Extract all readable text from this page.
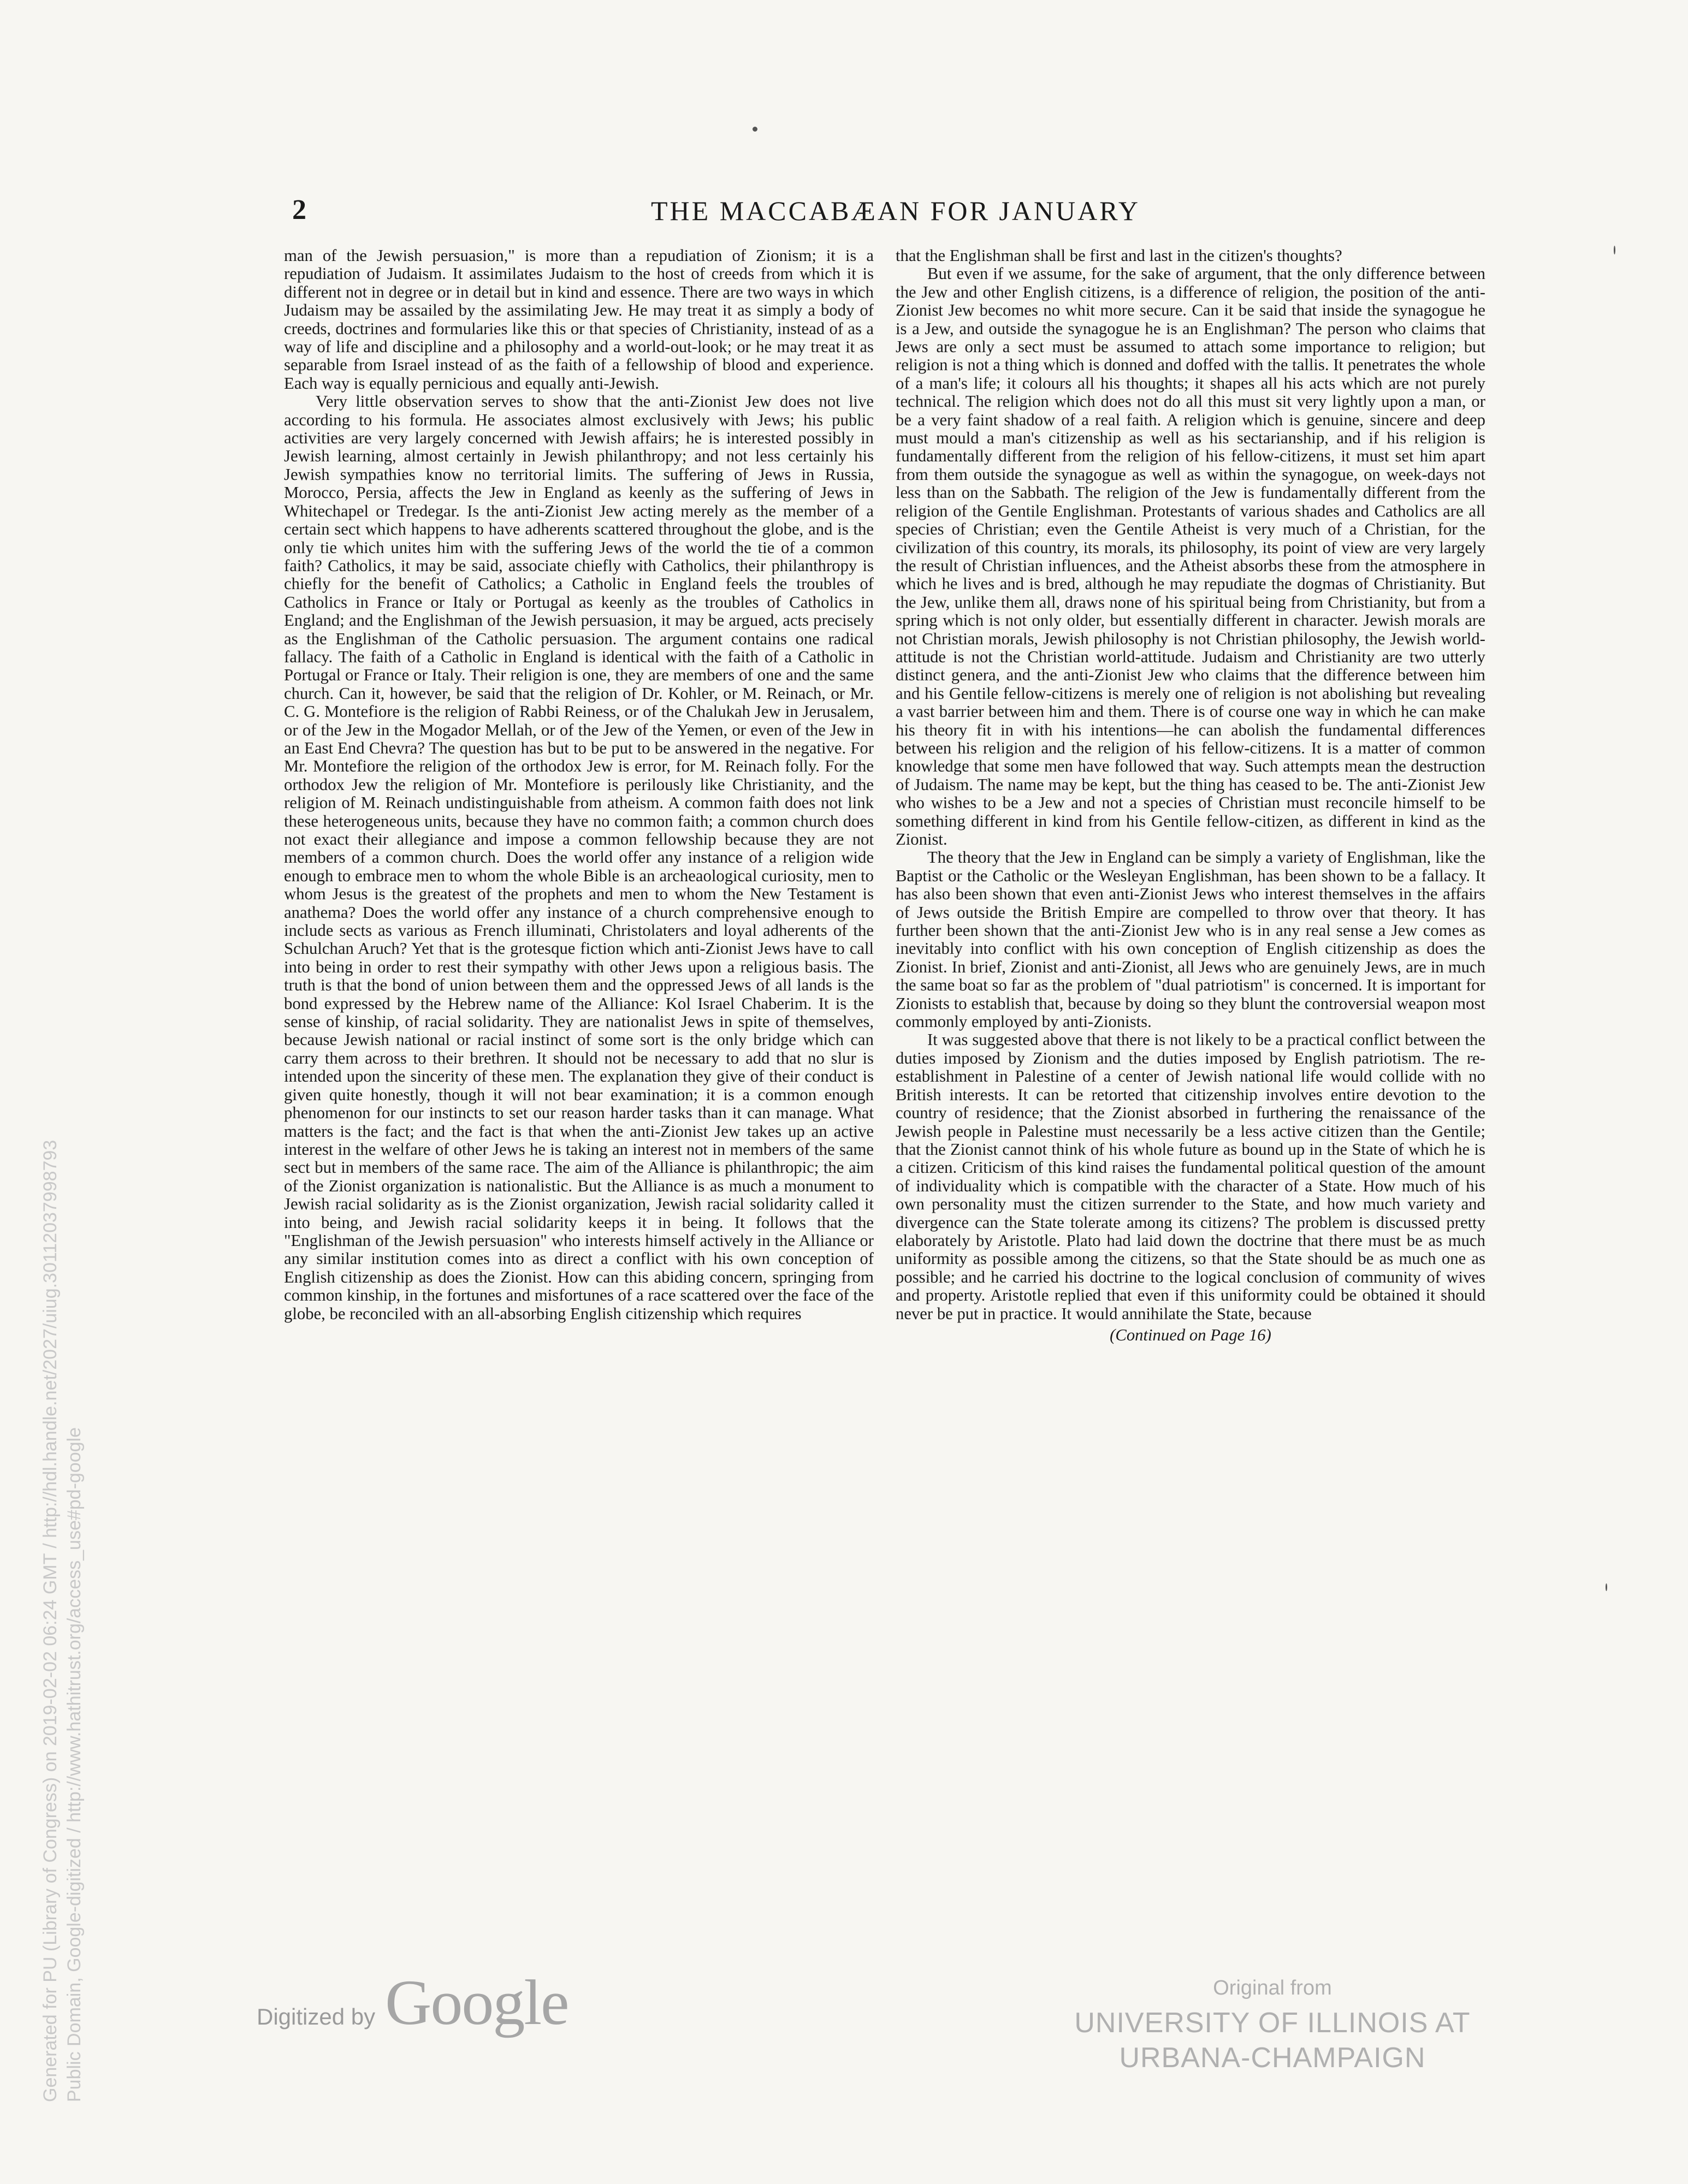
2	THE MACCABÆAN FOR JANUARY

man of the Jewish persuasion," is more than a repudiation of Zionism; it is a repudiation of Judaism. It assimilates Judaism to the host of creeds from which it is different not in degree or in detail but in kind and essence. There are two ways in which Judaism may be assailed by the assimilating Jew. He may treat it as simply a body of creeds, doctrines and formularies like this or that species of Christianity, instead of as a way of life and discipline and a philosophy and a world-out-look; or he may treat it as separable from Israel instead of as the faith of a fellowship of blood and experience. Each way is equally pernicious and equally anti-Jewish.

Very little observation serves to show that the anti-Zionist Jew does not live according to his formula. He associates almost exclusively with Jews; his public activities are very largely concerned with Jewish affairs; he is interested possibly in Jewish learning, almost certainly in Jewish philanthropy; and not less certainly his Jewish sympathies know no territorial limits. The suffering of Jews in Russia, Morocco, Persia, affects the Jew in England as keenly as the suffering of Jews in Whitechapel or Tredegar. Is the anti-Zionist Jew acting merely as the member of a certain sect which happens to have adherents scattered throughout the globe, and is the only tie which unites him with the suffering Jews of the world the tie of a common faith? Catholics, it may be said, associate chiefly with Catholics, their philanthropy is chiefly for the benefit of Catholics; a Catholic in England feels the troubles of Catholics in France or Italy or Portugal as keenly as the troubles of Catholics in England; and the Englishman of the Jewish persuasion, it may be argued, acts precisely as the Englishman of the Catholic persuasion. The argument contains one radical fallacy. The faith of a Catholic in England is identical with the faith of a Catholic in Portugal or France or Italy. Their religion is one, they are members of one and the same church. Can it, however, be said that the religion of Dr. Kohler, or M. Reinach, or Mr. C. G. Montefiore is the religion of Rabbi Reiness, or of the Chalukah Jew in Jerusalem, or of the Jew in the Mogador Mellah, or of the Jew of the Yemen, or even of the Jew in an East End Chevra? The question has but to be put to be answered in the negative. For Mr. Montefiore the religion of the orthodox Jew is error, for M. Reinach folly. For the orthodox Jew the religion of Mr. Montefiore is perilously like Christianity, and the religion of M. Reinach undistinguishable from atheism. A common faith does not link these heterogeneous units, because they have no common faith; a common church does not exact their allegiance and impose a common fellowship because they are not members of a common church. Does the world offer any instance of a religion wide enough to embrace men to whom the whole Bible is an archeaological curiosity, men to whom Jesus is the greatest of the prophets and men to whom the New Testament is anathema? Does the world offer any instance of a church comprehensive enough to include sects as various as French illuminati, Christolaters and loyal adherents of the Schulchan Aruch? Yet that is the grotesque fiction which anti-Zionist Jews have to call into being in order to rest their sympathy with other Jews upon a religious basis. The truth is that the bond of union between them and the oppressed Jews of all lands is the bond expressed by the Hebrew name of the Alliance: Kol Israel Chaberim. It is the sense of kinship, of racial solidarity. They are nationalist Jews in spite of themselves, because Jewish national or racial instinct of some sort is the only bridge which can carry them across to their brethren. It should not be necessary to add that no slur is intended upon the sincerity of these men. The explanation they give of their conduct is given quite honestly, though it will not bear examination; it is a common enough phenomenon for our instincts to set our reason harder tasks than it can manage. What matters is the fact; and the fact is that when the anti-Zionist Jew takes up an active interest in the welfare of other Jews he is taking an interest not in members of the same sect but in members of the same race. The aim of the Alliance is philanthropic; the aim of the Zionist organization is nationalistic. But the Alliance is as much a monument to Jewish racial solidarity as is the Zionist organization, Jewish racial solidarity called it into being, and Jewish racial solidarity keeps it in being. It follows that the "Englishman of the Jewish persuasion" who interests himself actively in the Alliance or any similar institution comes into as direct a conflict with his own conception of English citizenship as does the Zionist. How can this abiding concern, springing from common kinship, in the fortunes and misfortunes of a race scattered over the face of the globe, be reconciled with an all-absorbing English citizenship which requires

that the Englishman shall be first and last in the citizen's thoughts?

But even if we assume, for the sake of argument, that the only difference between the Jew and other English citizens, is a difference of religion, the position of the anti-Zionist Jew becomes no whit more secure. Can it be said that inside the synagogue he is a Jew, and outside the synagogue he is an Englishman? The person who claims that Jews are only a sect must be assumed to attach some importance to religion; but religion is not a thing which is donned and doffed with the tallis. It penetrates the whole of a man's life; it colours all his thoughts; it shapes all his acts which are not purely technical. The religion which does not do all this must sit very lightly upon a man, or be a very faint shadow of a real faith. A religion which is genuine, sincere and deep must mould a man's citizenship as well as his sectarianship, and if his religion is fundamentally different from the religion of his fellow-citizens, it must set him apart from them outside the synagogue as well as within the synagogue, on week-days not less than on the Sabbath. The religion of the Jew is fundamentally different from the religion of the Gentile Englishman. Protestants of various shades and Catholics are all species of Christian; even the Gentile Atheist is very much of a Christian, for the civilization of this country, its morals, its philosophy, its point of view are very largely the result of Christian influences, and the Atheist absorbs these from the atmosphere in which he lives and is bred, although he may repudiate the dogmas of Christianity. But the Jew, unlike them all, draws none of his spiritual being from Christianity, but from a spring which is not only older, but essentially different in character. Jewish morals are not Christian morals, Jewish philosophy is not Christian philosophy, the Jewish world-attitude is not the Christian world-attitude. Judaism and Christianity are two utterly distinct genera, and the anti-Zionist Jew who claims that the difference between him and his Gentile fellow-citizens is merely one of religion is not abolishing but revealing a vast barrier between him and them. There is of course one way in which he can make his theory fit in with his intentions—he can abolish the fundamental differences between his religion and the religion of his fellow-citizens. It is a matter of common knowledge that some men have followed that way. Such attempts mean the destruction of Judaism. The name may be kept, but the thing has ceased to be. The anti-Zionist Jew who wishes to be a Jew and not a species of Christian must reconcile himself to be something different in kind from his Gentile fellow-citizen, as different in kind as the Zionist.

The theory that the Jew in England can be simply a variety of Englishman, like the Baptist or the Catholic or the Wesleyan Englishman, has been shown to be a fallacy. It has also been shown that even anti-Zionist Jews who interest themselves in the affairs of Jews outside the British Empire are compelled to throw over that theory. It has further been shown that the anti-Zionist Jew who is in any real sense a Jew comes as inevitably into conflict with his own conception of English citizenship as does the Zionist. In brief, Zionist and anti-Zionist, all Jews who are genuinely Jews, are in much the same boat so far as the problem of "dual patriotism" is concerned. It is important for Zionists to establish that, because by doing so they blunt the controversial weapon most commonly employed by anti-Zionists.

It was suggested above that there is not likely to be a practical conflict between the duties imposed by Zionism and the duties imposed by English patriotism. The re-establishment in Palestine of a center of Jewish national life would collide with no British interests. It can be retorted that citizenship involves entire devotion to the country of residence; that the Zionist absorbed in furthering the renaissance of the Jewish people in Palestine must necessarily be a less active citizen than the Gentile; that the Zionist cannot think of his whole future as bound up in the State of which he is a citizen. Criticism of this kind raises the fundamental political question of the amount of individuality which is compatible with the character of a State. How much of his own personality must the citizen surrender to the State, and how much variety and divergence can the State tolerate among its citizens? The problem is discussed pretty elaborately by Aristotle. Plato had laid down the doctrine that there must be as much uniformity as possible among the citizens, so that the State should be as much one as possible; and he carried his doctrine to the logical conclusion of community of wives and property. Aristotle replied that even if this uniformity could be obtained it should never be put in practice. It would annihilate the State, because

(Continued on Page 16)
Generated for PU (Library of Congress) on 2019-02-02 06:24 GMT / http://hdl.handle.net/2027/uiug.30112037998793 Public Domain, Google-digitized / http://www.hathitrust.org/access_use#pd-google	Digitized by Google	Original from
UNIVERSITY OF ILLINOIS AT
URBANA-CHAMPAIGN
